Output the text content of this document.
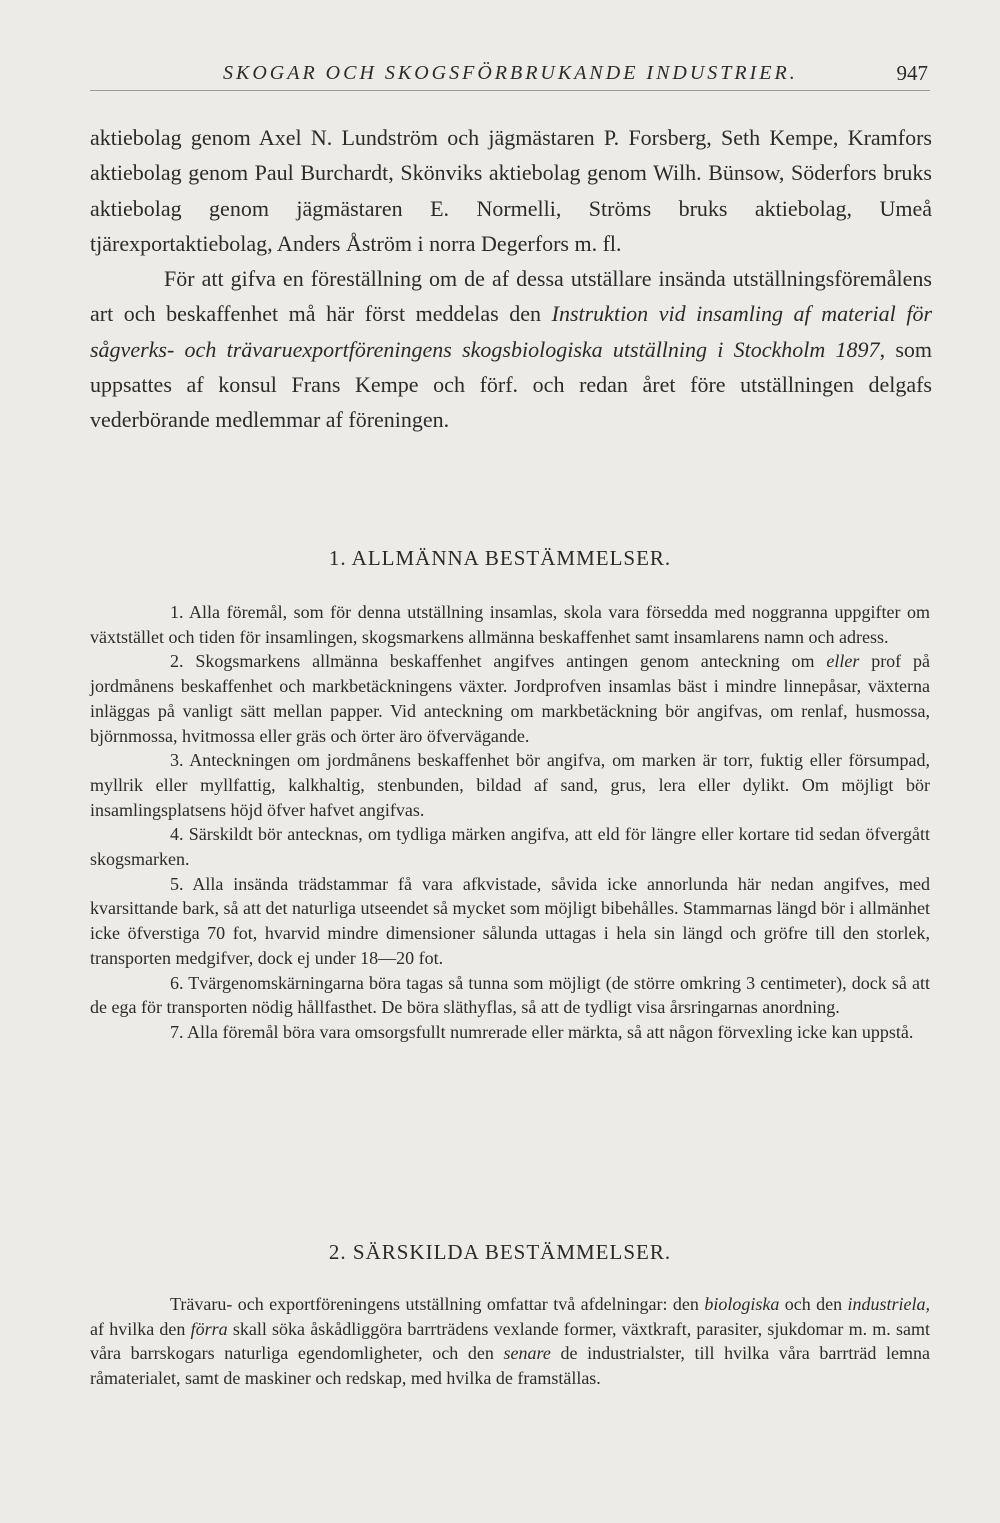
SKOGAR OCH SKOGSFÖRBRUKANDE INDUSTRIER.	947

aktiebolag genom Axel N. Lundström och jägmästaren P. Forsberg, Seth Kempe, Kramfors aktiebolag genom Paul Burchardt, Skönviks aktiebolag genom Wilh. Bünsow, Söderfors bruks aktiebolag genom jägmästaren E. Normelli, Ströms bruks aktiebolag, Umeå tjärexportaktiebolag, Anders Åström i norra Degerfors m. fl.

För att gifva en föreställning om de af dessa utställare insända utställningsföremålens art och beskaffenhet må här först meddelas den Instruktion vid insamling af material för sågverks- och trävaruexportföreningens skogsbiologiska utställning i Stockholm 1897, som uppsattes af konsul Frans Kempe och förf. och redan året före utställningen delgafs vederbörande medlemmar af föreningen.

1. ALLMÄNNA BESTÄMMELSER.

1. Alla föremål, som för denna utställning insamlas, skola vara försedda med noggranna uppgifter om växtstället och tiden för insamlingen, skogsmarkens allmänna beskaffenhet samt insamlarens namn och adress.

2. Skogsmarkens allmänna beskaffenhet angifves antingen genom anteckning om eller prof på jordmånens beskaffenhet och markbetäckningens växter. Jordprofven insamlas bäst i mindre linnepåsar, växterna inläggas på vanligt sätt mellan papper. Vid anteckning om markbetäckning bör angifvas, om renlaf, husmossa, björnmossa, hvitmossa eller gräs och örter äro öfvervägande.

3. Anteckningen om jordmånens beskaffenhet bör angifva, om marken är torr, fuktig eller försumpad, myllrik eller myllfattig, kalkhaltig, stenbunden, bildad af sand, grus, lera eller dylikt. Om möjligt bör insamlingsplatsens höjd öfver hafvet angifvas.

4. Särskildt bör antecknas, om tydliga märken angifva, att eld för längre eller kortare tid sedan öfvergått skogsmarken.

5. Alla insända trädstammar få vara afkvistade, såvida icke annorlunda här nedan angifves, med kvarsittande bark, så att det naturliga utseendet så mycket som möjligt bibehålles. Stammarnas längd bör i allmänhet icke öfverstiga 70 fot, hvarvid mindre dimensioner sålunda uttagas i hela sin längd och gröfre till den storlek, transporten medgifver, dock ej under 18—20 fot.

6. Tvärgenomskärningarna böra tagas så tunna som möjligt (de större omkring 3 centimeter), dock så att de ega för transporten nödig hållfasthet. De böra släthyflas, så att de tydligt visa årsringarnas anordning.

7. Alla föremål böra vara omsorgsfullt numrerade eller märkta, så att någon förvexling icke kan uppstå.

2. SÄRSKILDA BESTÄMMELSER.

Trävaru- och exportföreningens utställning omfattar två afdelningar: den biologiska och den industriela, af hvilka den förra skall söka åskådliggöra barrträdens vexlande former, växtkraft, parasiter, sjukdomar m. m. samt våra barrskogars naturliga egendomligheter, och den senare de industrialster, till hvilka våra barrträd lemna råmaterialet, samt de maskiner och redskap, med hvilka de framställas.
